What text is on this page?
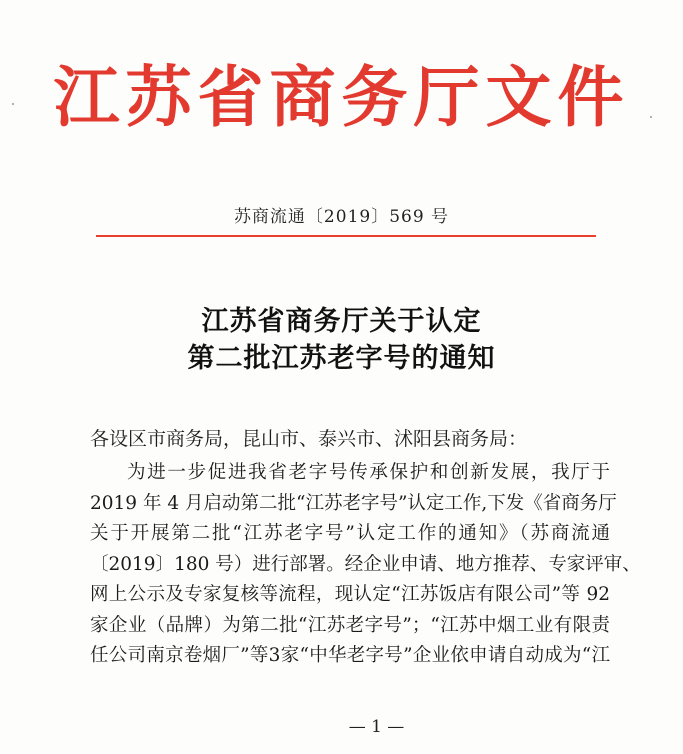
江苏省商务厅文件
苏商流通〔2019〕569 号
江苏省商务厅关于认定
第二批江苏老字号的通知
各设区市商务局，昆山市、泰兴市、沭阳县商务局：
为进一步促进我省老字号传承保护和创新发展，我厅于
2019 年 4 月启动第二批“江苏老字号”认定工作,下发《省商务厅
关于开展第二批“江苏老字号”认定工作的通知》（苏商流通
〔2019〕180 号）进行部署。经企业申请、地方推荐、专家评审、
网上公示及专家复核等流程，现认定“江苏饭店有限公司”等 92
家企业（品牌）为第二批“江苏老字号”；“江苏中烟工业有限责
任公司南京卷烟厂”等3家“中华老字号”企业依申请自动成为“江
— 1 —
